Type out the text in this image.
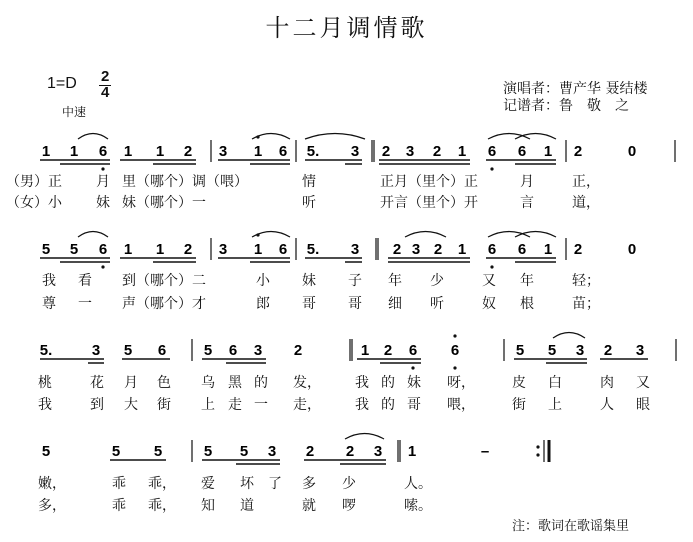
十二月调情歌
1=D 2
4
中速
演唱者：曹产华 聂结楼
记谱者：鲁　敬　之
1 1 6 1 1 2 3 1 6 5. 3 2 3 2 1 6 6 1 2	0
5 5 6 1 1 2 3 1 6 5. 3 2 3 2 1 6 6 1 2	0
5.	3 5 6	5 6 3 2	1 2 6 6	5 5 3 2 3
5	5 5	5 5 3 2 2 3 1	–
（男）正 月 里（哪个）调（喂）	情	正月（里个）正	月	正，
（女）小 妹 妹（哪个）一	听	开言（里个）开	言	道，
我 看 到（哪个）二	小 妹 子 年 少	又 年	轻；
尊 一 声（哪个）才	郎 哥 哥 细 听	奴 根	苗；
桃	花 月 色 乌 黑 的 发， 我 的 妹 呀，	皮 白	肉 又
我	到 大 街 上 走 一 走， 我 的 哥 喂，	街 上	人 眼
嫩，	乖 乖， 爱 坏 了 多 少	人。
多，	乖 乖， 知 道	就 啰	嗦。
注：歌词在歌谣集里
